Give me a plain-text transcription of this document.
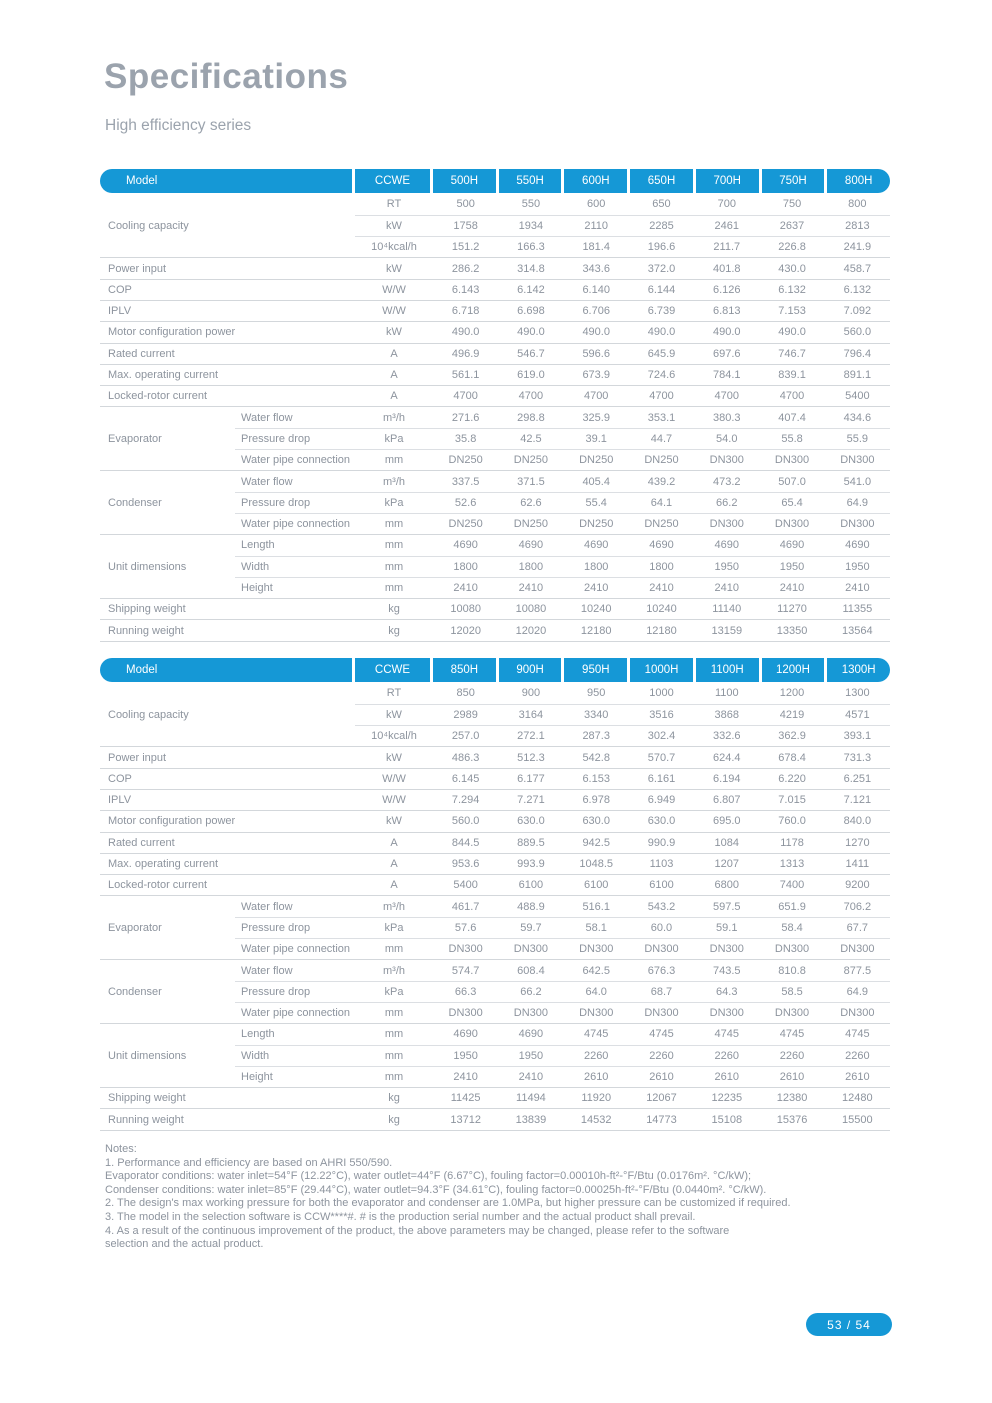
Specifications
High efficiency series
Model	CCWE	500H	550H	600H	650H	700H	750H	800H
Cooling capacity		RT	500	550	600	650	700	750	800
		kW	1758	1934	2110	2285	2461	2637	2813
		10⁴kcal/h	151.2	166.3	181.4	196.6	211.7	226.8	241.9
Power input		kW	286.2	314.8	343.6	372.0	401.8	430.0	458.7
COP		W/W	6.143	6.142	6.140	6.144	6.126	6.132	6.132
IPLV		W/W	6.718	6.698	6.706	6.739	6.813	7.153	7.092
Motor configuration power		kW	490.0	490.0	490.0	490.0	490.0	490.0	560.0
Rated current		A	496.9	546.7	596.6	645.9	697.6	746.7	796.4
Max. operating current		A	561.1	619.0	673.9	724.6	784.1	839.1	891.1
Locked-rotor current		A	4700	4700	4700	4700	4700	4700	5400
Evaporator	Water flow	m³/h	271.6	298.8	325.9	353.1	380.3	407.4	434.6
	Pressure drop	kPa	35.8	42.5	39.1	44.7	54.0	55.8	55.9
	Water pipe connection	mm	DN250	DN250	DN250	DN250	DN300	DN300	DN300
Condenser	Water flow	m³/h	337.5	371.5	405.4	439.2	473.2	507.0	541.0
	Pressure drop	kPa	52.6	62.6	55.4	64.1	66.2	65.4	64.9
	Water pipe connection	mm	DN250	DN250	DN250	DN250	DN300	DN300	DN300
Unit dimensions	Length	mm	4690	4690	4690	4690	4690	4690	4690
	Width	mm	1800	1800	1800	1800	1950	1950	1950
	Height	mm	2410	2410	2410	2410	2410	2410	2410
Shipping weight		kg	10080	10080	10240	10240	11140	11270	11355
Running weight		kg	12020	12020	12180	12180	13159	13350	13564
Model	CCWE	850H	900H	950H	1000H	1100H	1200H	1300H
Cooling capacity		RT	850	900	950	1000	1100	1200	1300
		kW	2989	3164	3340	3516	3868	4219	4571
		10⁴kcal/h	257.0	272.1	287.3	302.4	332.6	362.9	393.1
Power input		kW	486.3	512.3	542.8	570.7	624.4	678.4	731.3
COP		W/W	6.145	6.177	6.153	6.161	6.194	6.220	6.251
IPLV		W/W	7.294	7.271	6.978	6.949	6.807	7.015	7.121
Motor configuration power		kW	560.0	630.0	630.0	630.0	695.0	760.0	840.0
Rated current		A	844.5	889.5	942.5	990.9	1084	1178	1270
Max. operating current		A	953.6	993.9	1048.5	1103	1207	1313	1411
Locked-rotor current		A	5400	6100	6100	6100	6800	7400	9200
Evaporator	Water flow	m³/h	461.7	488.9	516.1	543.2	597.5	651.9	706.2
	Pressure drop	kPa	57.6	59.7	58.1	60.0	59.1	58.4	67.7
	Water pipe connection	mm	DN300	DN300	DN300	DN300	DN300	DN300	DN300
Condenser	Water flow	m³/h	574.7	608.4	642.5	676.3	743.5	810.8	877.5
	Pressure drop	kPa	66.3	66.2	64.0	68.7	64.3	58.5	64.9
	Water pipe connection	mm	DN300	DN300	DN300	DN300	DN300	DN300	DN300
Unit dimensions	Length	mm	4690	4690	4745	4745	4745	4745	4745
	Width	mm	1950	1950	2260	2260	2260	2260	2260
	Height	mm	2410	2410	2610	2610	2610	2610	2610
Shipping weight		kg	11425	11494	11920	12067	12235	12380	12480
Running weight		kg	13712	13839	14532	14773	15108	15376	15500
Notes:
1. Performance and efficiency are based on AHRI 550/590.
Evaporator conditions: water inlet=54°F (12.22°C), water outlet=44°F (6.67°C), fouling factor=0.00010h-ft²-°F/Btu (0.0176m². °C/kW);
Condenser conditions: water inlet=85°F (29.44°C), water outlet=94.3°F (34.61°C), fouling factor=0.00025h-ft²-°F/Btu (0.0440m². °C/kW).
2. The design's max working pressure for both the evaporator and condenser are 1.0MPa, but higher pressure can be customized if required.
3. The model in the selection software is CCW****#. # is the production serial number and the actual product shall prevail.
4. As a result of the continuous improvement of the product, the above parameters may be changed, please refer to the software
selection and the actual product.
53 / 54
